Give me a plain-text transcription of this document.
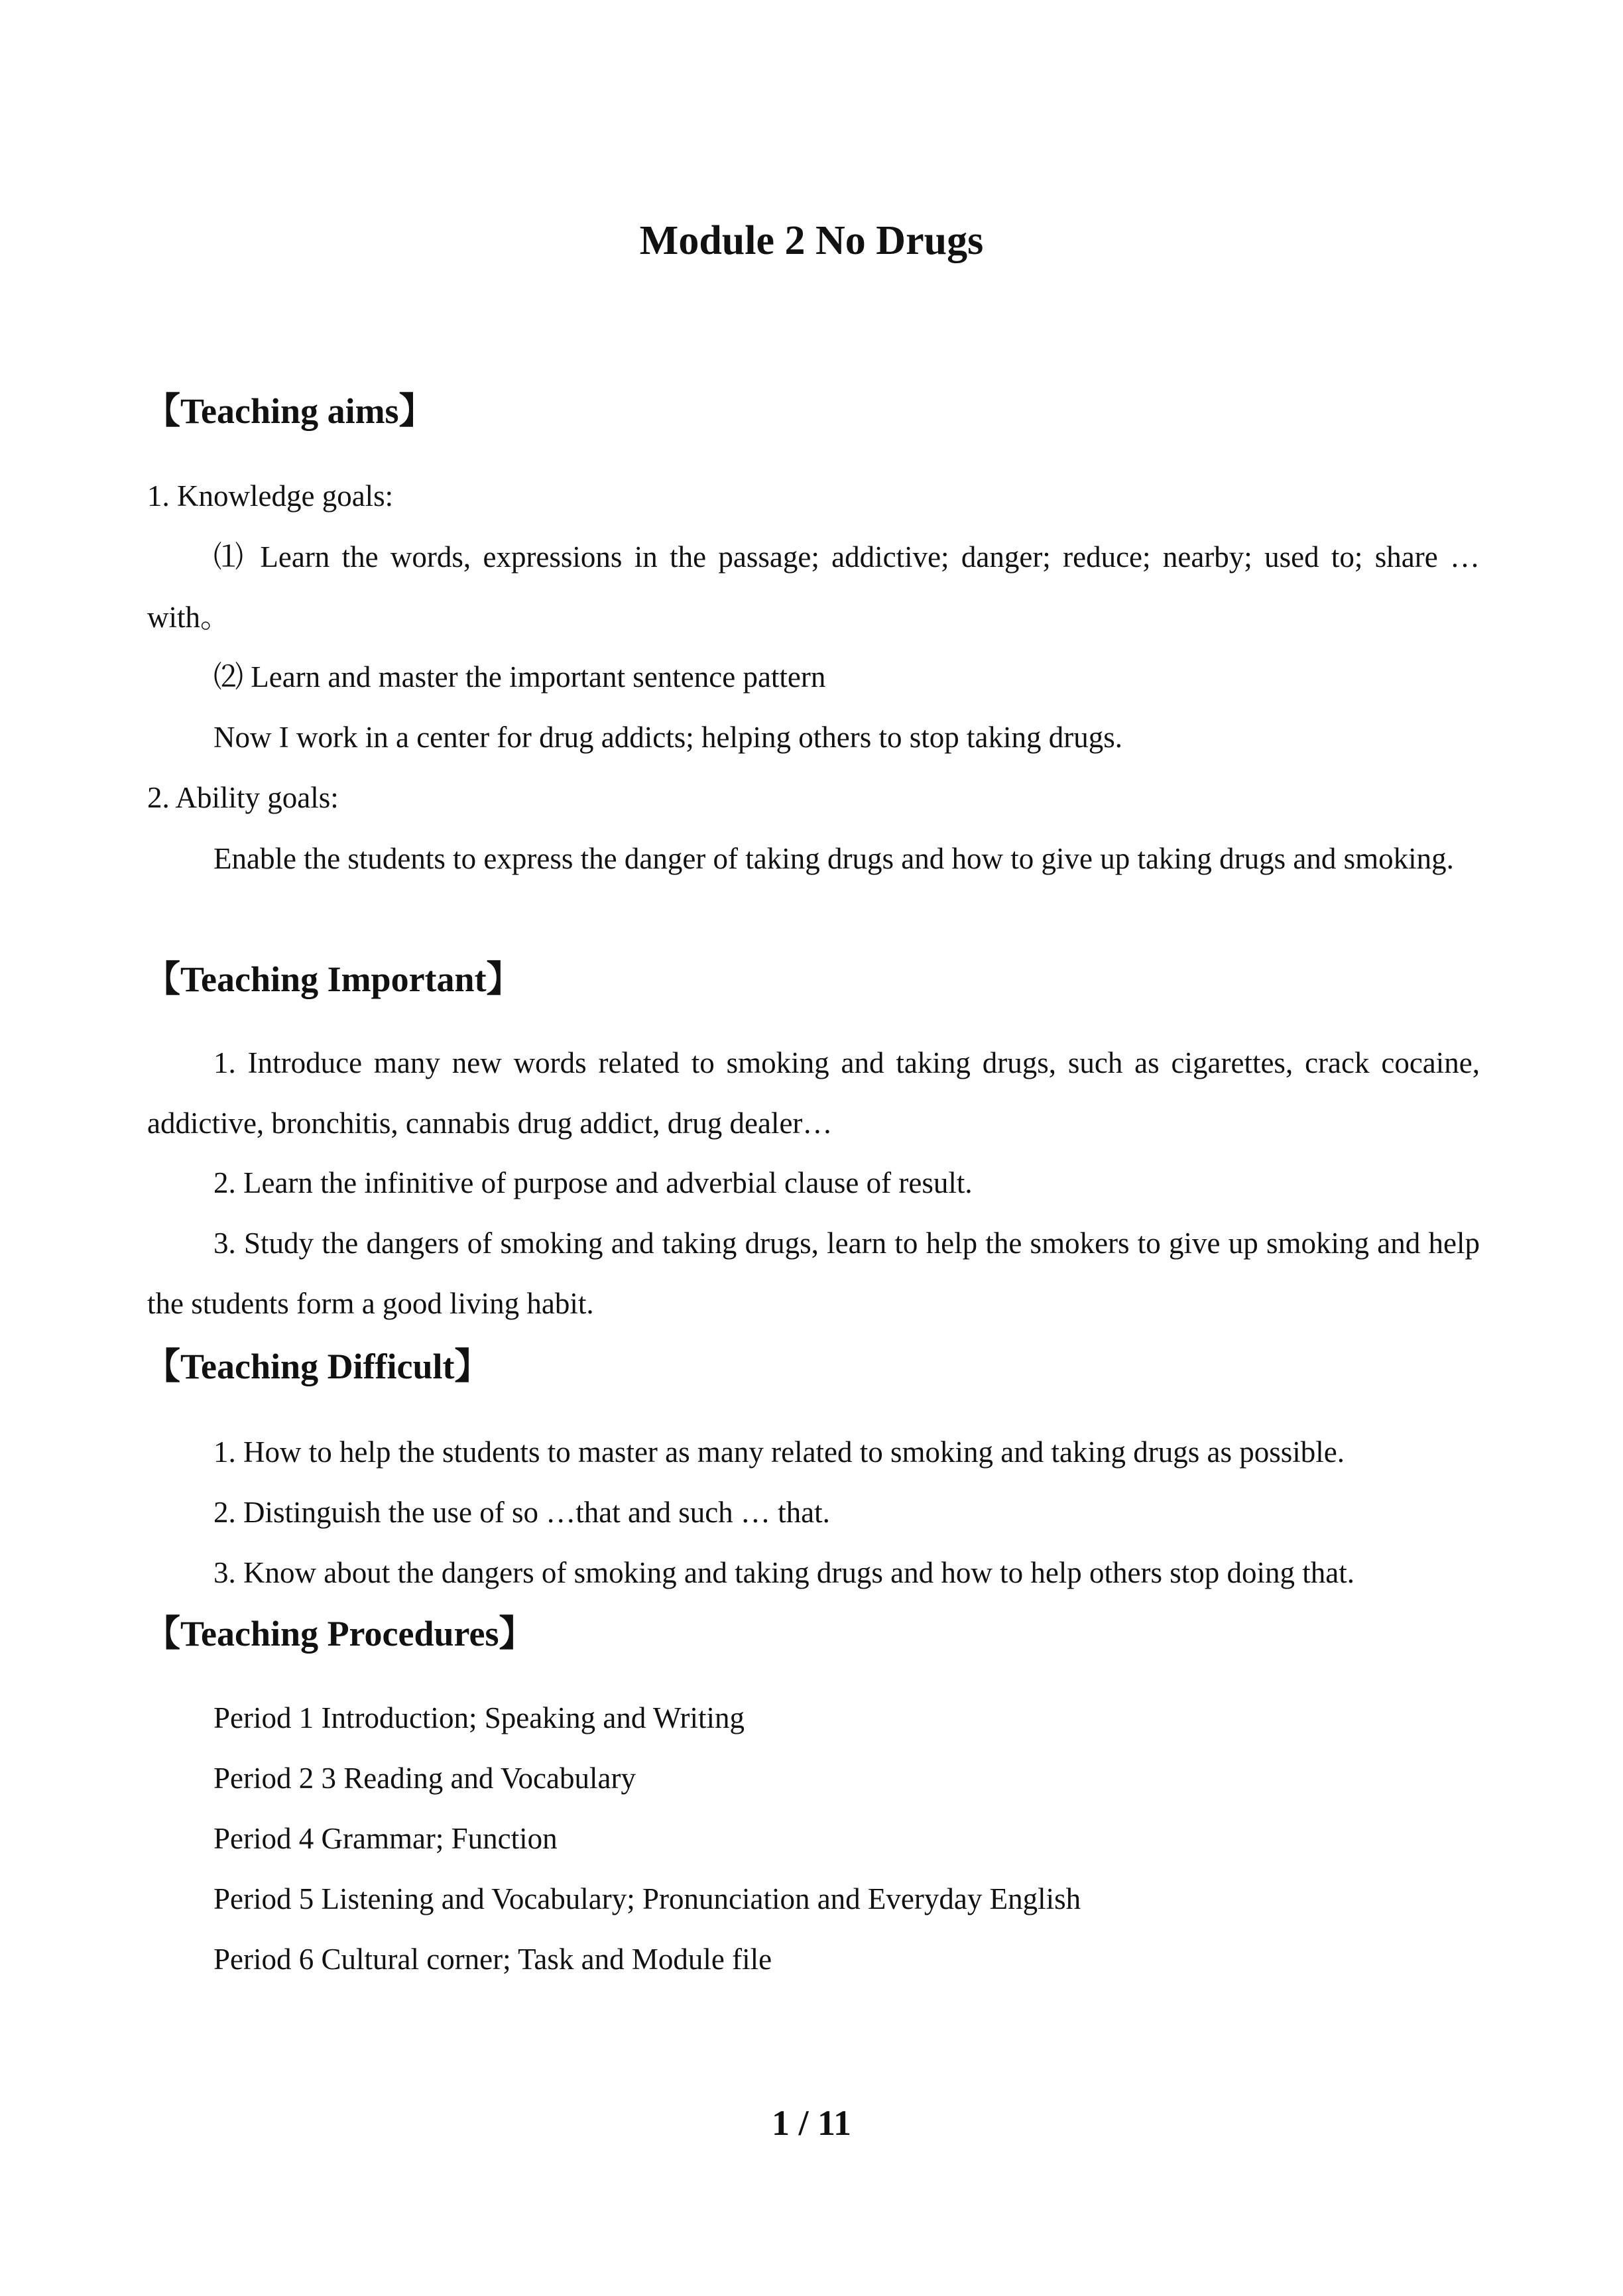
Module 2 No Drugs
【Teaching aims】
1. Knowledge goals:
⑴ Learn the words, expressions in the passage; addictive; danger; reduce; nearby; used to; share … with。
⑵ Learn and master the important sentence pattern
Now I work in a center for drug addicts; helping others to stop taking drugs.
2. Ability goals:
Enable the students to express the danger of taking drugs and how to give up taking drugs and smoking.
【Teaching Important】
1. Introduce many new words related to smoking and taking drugs, such as cigarettes, crack cocaine, addictive, bronchitis, cannabis drug addict, drug dealer…
2. Learn the infinitive of purpose and adverbial clause of result.
3. Study the dangers of smoking and taking drugs, learn to help the smokers to give up smoking and help the students form a good living habit.
【Teaching Difficult】
1. How to help the students to master as many related to smoking and taking drugs as possible.
2. Distinguish the use of so …that and such … that.
3. Know about the dangers of smoking and taking drugs and how to help others stop doing that.
【Teaching Procedures】
Period 1 Introduction; Speaking and Writing
Period 2 3 Reading and Vocabulary
Period 4 Grammar; Function
Period 5 Listening and Vocabulary; Pronunciation and Everyday English
Period 6 Cultural corner; Task and Module file
1 / 11
